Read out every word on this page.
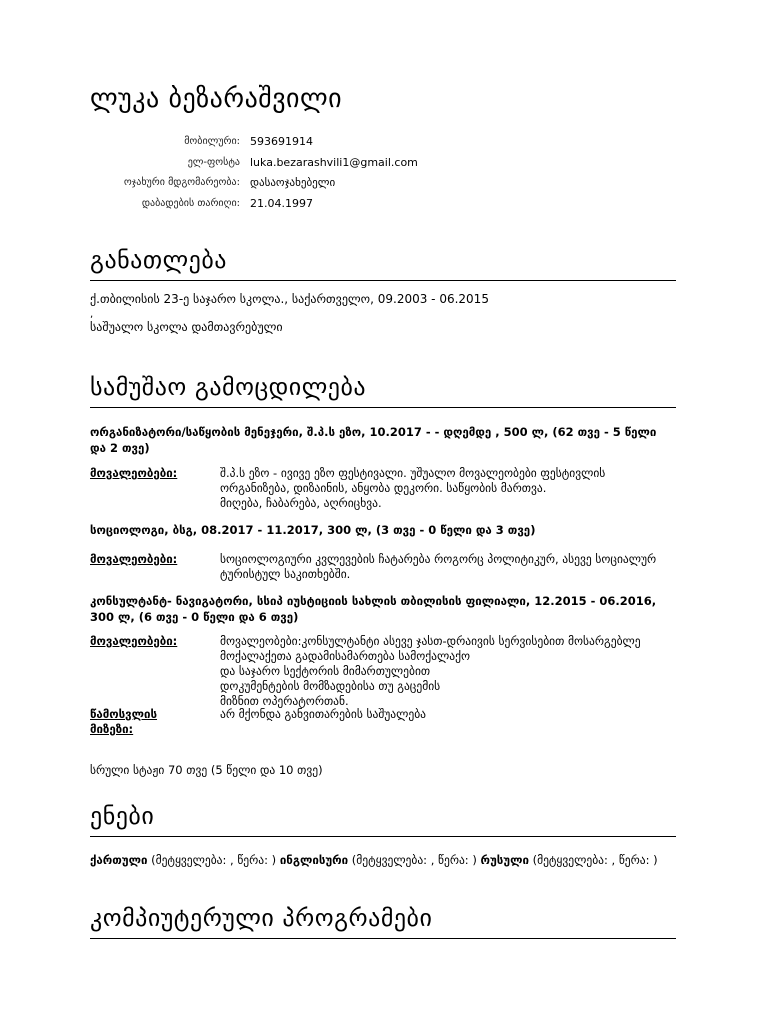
ლუკა ბეზარაშვილი
მობილური: 593691914
ელ-ფოსტა luka.bezarashvili1@gmail.com
ოჯახური მდგომარეობა: დასაოჯახებელი
დაბადების თარიღი: 21.04.1997
განათლება
ქ.თბილისის 23-ე საჯარო სკოლა., საქართველო, 09.2003 - 06.2015
,
საშუალო სკოლა დამთავრებული
სამუშაო გამოცდილება
ორგანიზატორი/საწყობის მენეჯერი, შ.პ.ს ეზო, 10.2017 - - დღემდე , 500 ლ, (62 თვე - 5 წელი და 2 თვე)
მოვალეობები:	შ.პ.ს ეზო - ივივე ეზო ფესტივალი. უშუალო მოვალეობები ფესტივლის
ორგანიზება, დიზაინის, ანყობა დეკორი. საწყობის მართვა.
მიღება, ჩაბარება, აღრიცხვა.
სოციოლოგი, ბსგ, 08.2017 - 11.2017, 300 ლ, (3 თვე - 0 წელი და 3 თვე)
მოვალეობები:	სოციოლოგიური კვლევების ჩატარება როგორც პოლიტიკურ, ასევე სოციალურ
ტურისტულ საკითხებში.
კონსულტანტ- ნავიგატორი, სსიპ იუსტიციის სახლის თბილისის ფილიალი, 12.2015 - 06.2016, 300 ლ, (6 თვე - 0 წელი და 6 თვე)
მოვალეობები:	მოვალეობები:კონსულტანტი ასევე ჯასთ-დრაივის სერვისებით მოსარგებლე
მოქალაქეთა გადამისამართება სამოქალაქო
და საჯარო სექტორის მიმართულებით
დოკუმენტების მომზადებისა თუ გაცემის
მიზნით ოპერატორთან.
წამოსვლის მიზეზი:
არ მქონდა განვითარების საშუალება
სრული სტაჟი 70 თვე (5 წელი და 10 თვე)
ენები
ქართული (მეტყველება: , წერა: ) ინგლისური (მეტყველება: , წერა: ) რუსული (მეტყველება: , წერა: )
კომპიუტერული პროგრამები
